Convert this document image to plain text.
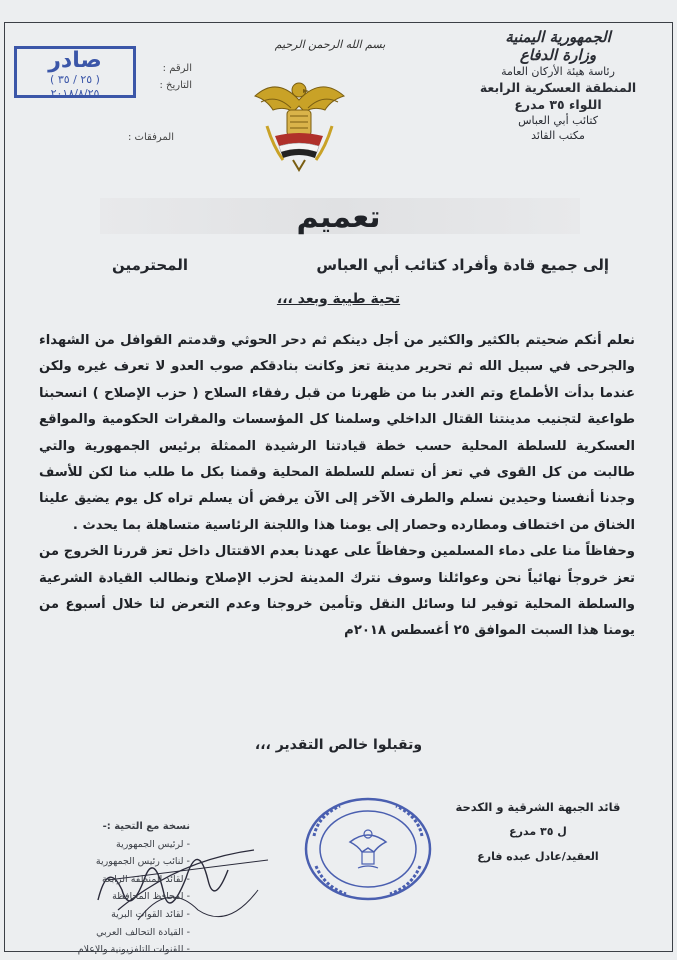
الجمهورية اليمنية
وزارة الدفاع
رئاسة هيئة الأركان العامة
المنطقة العسكرية الرابعة
اللواء ٣٥ مدرع
كتائب أبي العباس
مكتب القائد
بسم الله الرحمن الرحيم
صادر
( ٢٥ / ٣٥ )
٢٠١٨/٨/٢٥
الرقم :
التاريخ :
المرفقات :
تعميم
إلى جميع قادة وأفراد كتائب أبي العباس
المحترمين
تحية طيبة وبعد ،،،

نعلم أنكم ضحيتم بالكثير والكثير من أجل دينكم ثم دحر الحوثي وقدمتم القوافل من الشهداء والجرحى في سبيل الله ثم تحرير مدينة تعز وكانت بنادقكم صوب العدو لا تعرف غيره ولكن عندما بدأت الأطماع وتم الغدر بنا من ظهرنا من قبل رفقاء السلاح ( حزب الإصلاح ) انسحبنا طواعية لتجنيب مدينتنا القتال الداخلي وسلمنا كل المؤسسات والمقرات الحكومية والمواقع العسكرية للسلطة المحلية حسب خطة قيادتنا الرشيدة الممثلة برئيس الجمهورية والتي طالبت من كل القوى في تعز أن تسلم للسلطة المحلية وقمنا بكل ما طلب منا لكن للأسف وجدنا أنفسنا وحيدين نسلم والطرف الآخر إلى الآن يرفض أن يسلم تراه كل يوم يضيق علينا الخناق من اختطاف ومطارده وحصار إلى يومنا هذا واللجنة الرئاسية متساهلة بما يحدث .

وحفاظاً منا على دماء المسلمين وحفاظاً على عهدنا بعدم الاقتتال داخل تعز قررنا الخروج من تعز خروجاً نهائياً نحن وعوائلنا وسوف نترك المدينة لحزب الإصلاح ونطالب القيادة الشرعية والسلطة المحلية توفير لنا وسائل النقل وتأمين خروجنا وعدم التعرض لنا خلال أسبوع من يومنا هذا السبت الموافق ٢٥ أغسطس ٢٠١٨م

وتقبلوا خالص التقدير ،،،
قائد الجبهة الشرقية و الكدحة
ل ٣٥ مدرع
العقيد/عادل عبده فارع
نسخة مع التحية :-
- لرئيس الجمهورية
- لنائب رئيس الجمهورية
- لقائد المنطقة الرابعة
- لمحافظ المحافظة
- لقائد القوات البرية
- القيادة التحالف العربي
- للقنوات التلفزيونية والإعلام
